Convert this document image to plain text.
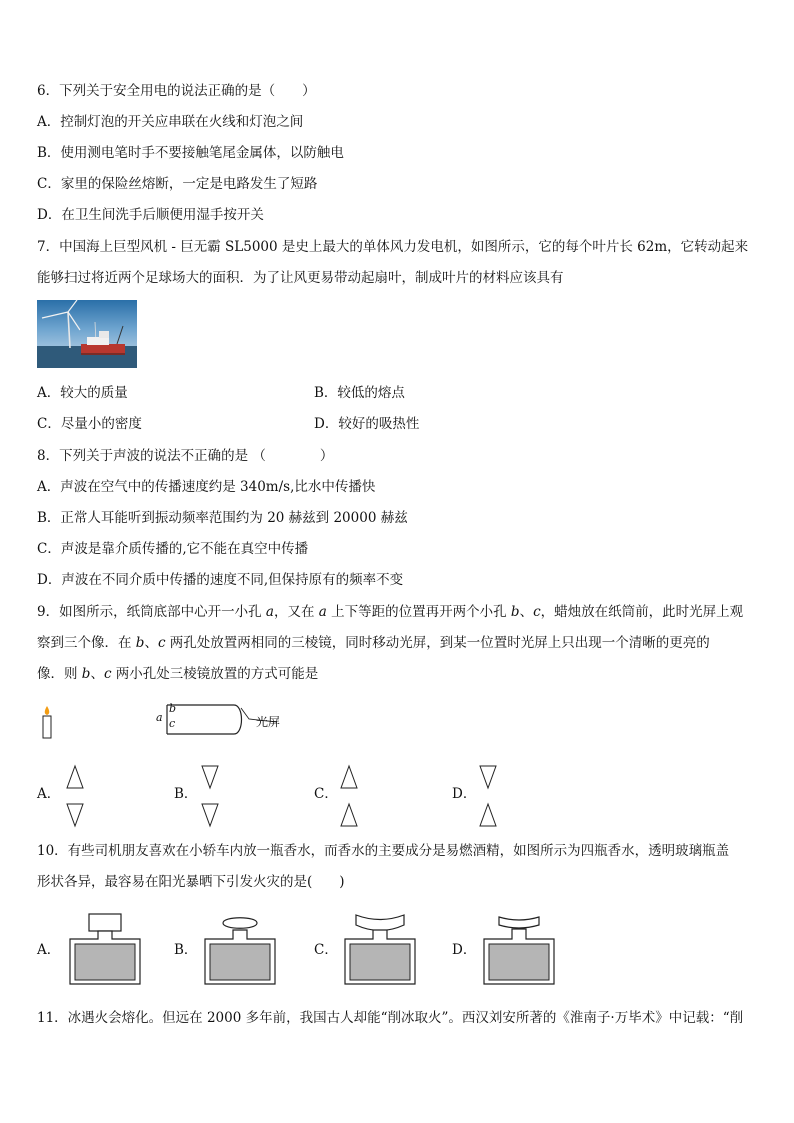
6．下列关于安全用电的说法正确的是（　　）
A．控制灯泡的开关应串联在火线和灯泡之间
B．使用测电笔时手不要接触笔尾金属体，以防触电
C．家里的保险丝熔断，一定是电路发生了短路
D．在卫生间洗手后顺便用湿手按开关
7．中国海上巨型风机 - 巨无霸 SL5000 是史上最大的单体风力发电机，如图所示，它的每个叶片长 62m，它转动起来
能够扫过将近两个足球场大的面积．为了让风更易带动起扇叶，制成叶片的材料应该具有
A．较大的质量	B．较低的熔点
C．尽量小的密度	D．较好的吸热性
8．下列关于声波的说法不正确的是 （　　　　）
A．声波在空气中的传播速度约是 340m/s,比水中传播快
B．正常人耳能听到振动频率范围约为 20 赫兹到 20000 赫兹
C．声波是靠介质传播的,它不能在真空中传播
D．声波在不同介质中传播的速度不同,但保持原有的频率不变
9．如图所示，纸筒底部中心开一小孔 a，又在 a 上下等距的位置再开两个小孔 b、c，蜡烛放在纸筒前，此时光屏上观
察到三个像．在 b、c 两孔处放置两相同的三棱镜，同时移动光屏，到某一位置时光屏上只出现一个清晰的更亮的
像．则 b、c 两小孔处三棱镜放置的方式可能是
a
b
c	光屏
A．	B．	C．	D．
10．有些司机朋友喜欢在小轿车内放一瓶香水，而香水的主要成分是易燃酒精，如图所示为四瓶香水，透明玻璃瓶盖
形状各异，最容易在阳光暴晒下引发火灾的是(　　)
A．	B．	C．	D．
11．冰遇火会熔化。但远在 2000 多年前，我国古人却能“削冰取火”。西汉刘安所著的《淮南子·万毕术》中记载：“削
